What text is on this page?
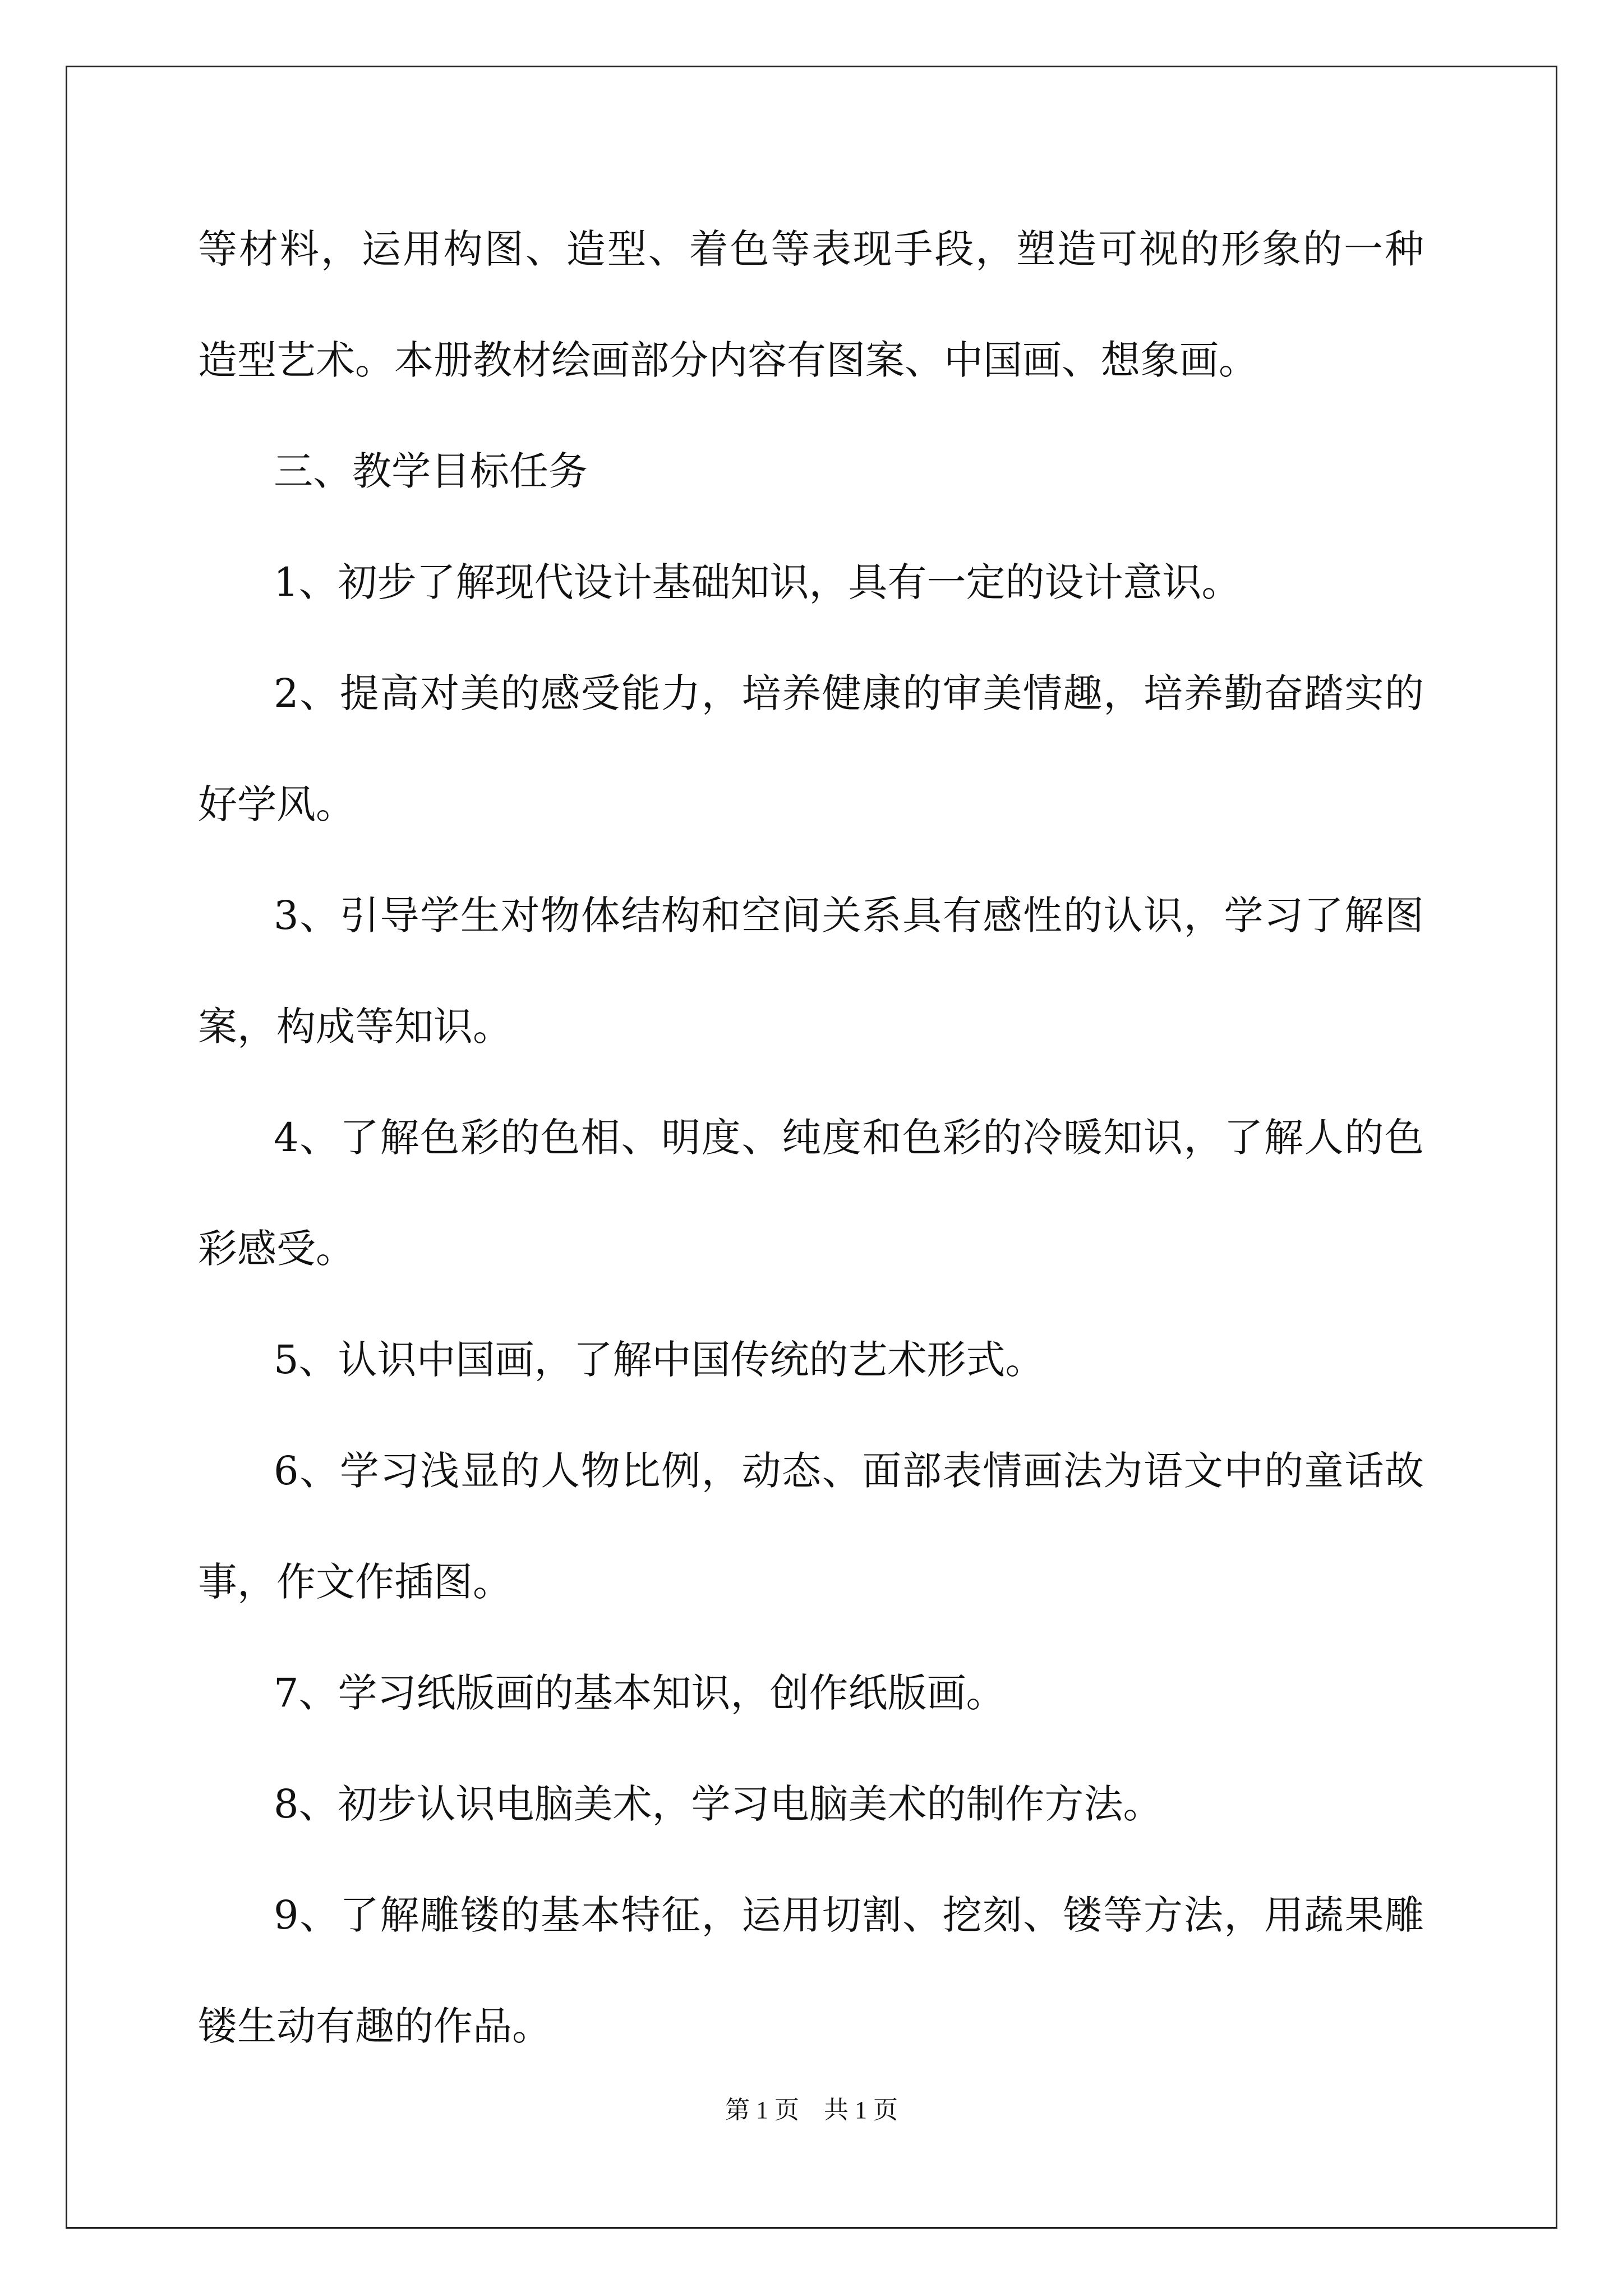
等材料，运用构图、造型、着色等表现手段，塑造可视的形象的一种
造型艺术。本册教材绘画部分内容有图案、中国画、想象画。
三、教学目标任务
1、初步了解现代设计基础知识，具有一定的设计意识。
2、提高对美的感受能力，培养健康的审美情趣，培养勤奋踏实的
好学风。
3、引导学生对物体结构和空间关系具有感性的认识，学习了解图
案，构成等知识。
4、了解色彩的色相、明度、纯度和色彩的冷暖知识，了解人的色
彩感受。
5、认识中国画，了解中国传统的艺术形式。
6、学习浅显的人物比例，动态、面部表情画法为语文中的童话故
事，作文作插图。
7、学习纸版画的基本知识，创作纸版画。
8、初步认识电脑美术，学习电脑美术的制作方法。
9、了解雕镂的基本特征，运用切割、挖刻、镂等方法，用蔬果雕
镂生动有趣的作品。
第 1 页　共 1 页
